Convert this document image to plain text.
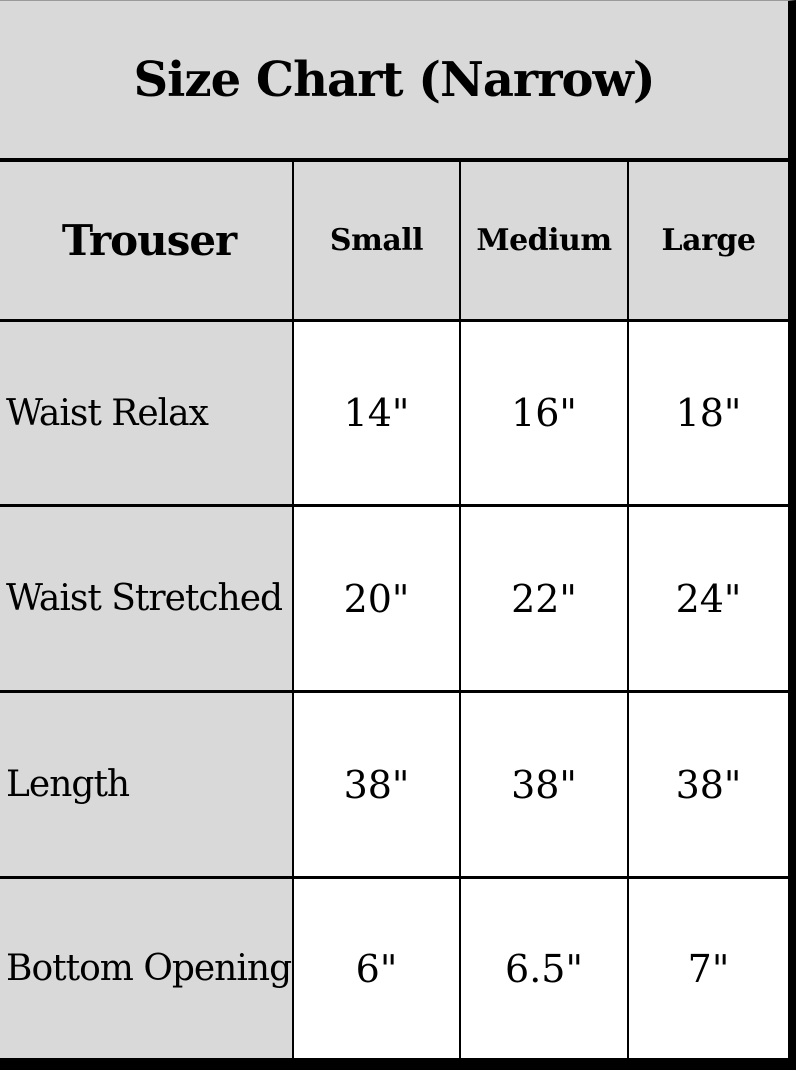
Size Chart (Narrow)
Trouser	Small Medium Large
Waist Relax	14"	16"	18"
Waist Stretched	20"	22"	24"
Length	38"	38"	38"
Bottom Opening	6"	6.5"	7"
